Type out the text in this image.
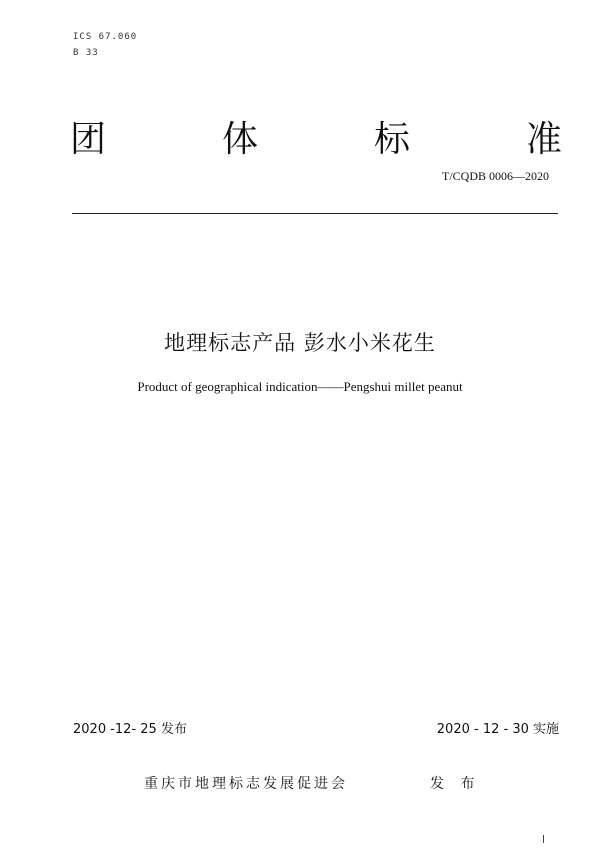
ICS 67.060
B 33
团	体	标	准
T/CQDB 0006—2020
地理标志产品 彭水小米花生
Product of geographical indication——Pengshui millet peanut
2020 -12- 25 发布	2020 - 12 - 30 实施
重庆市地理标志发展促进会	发 布
